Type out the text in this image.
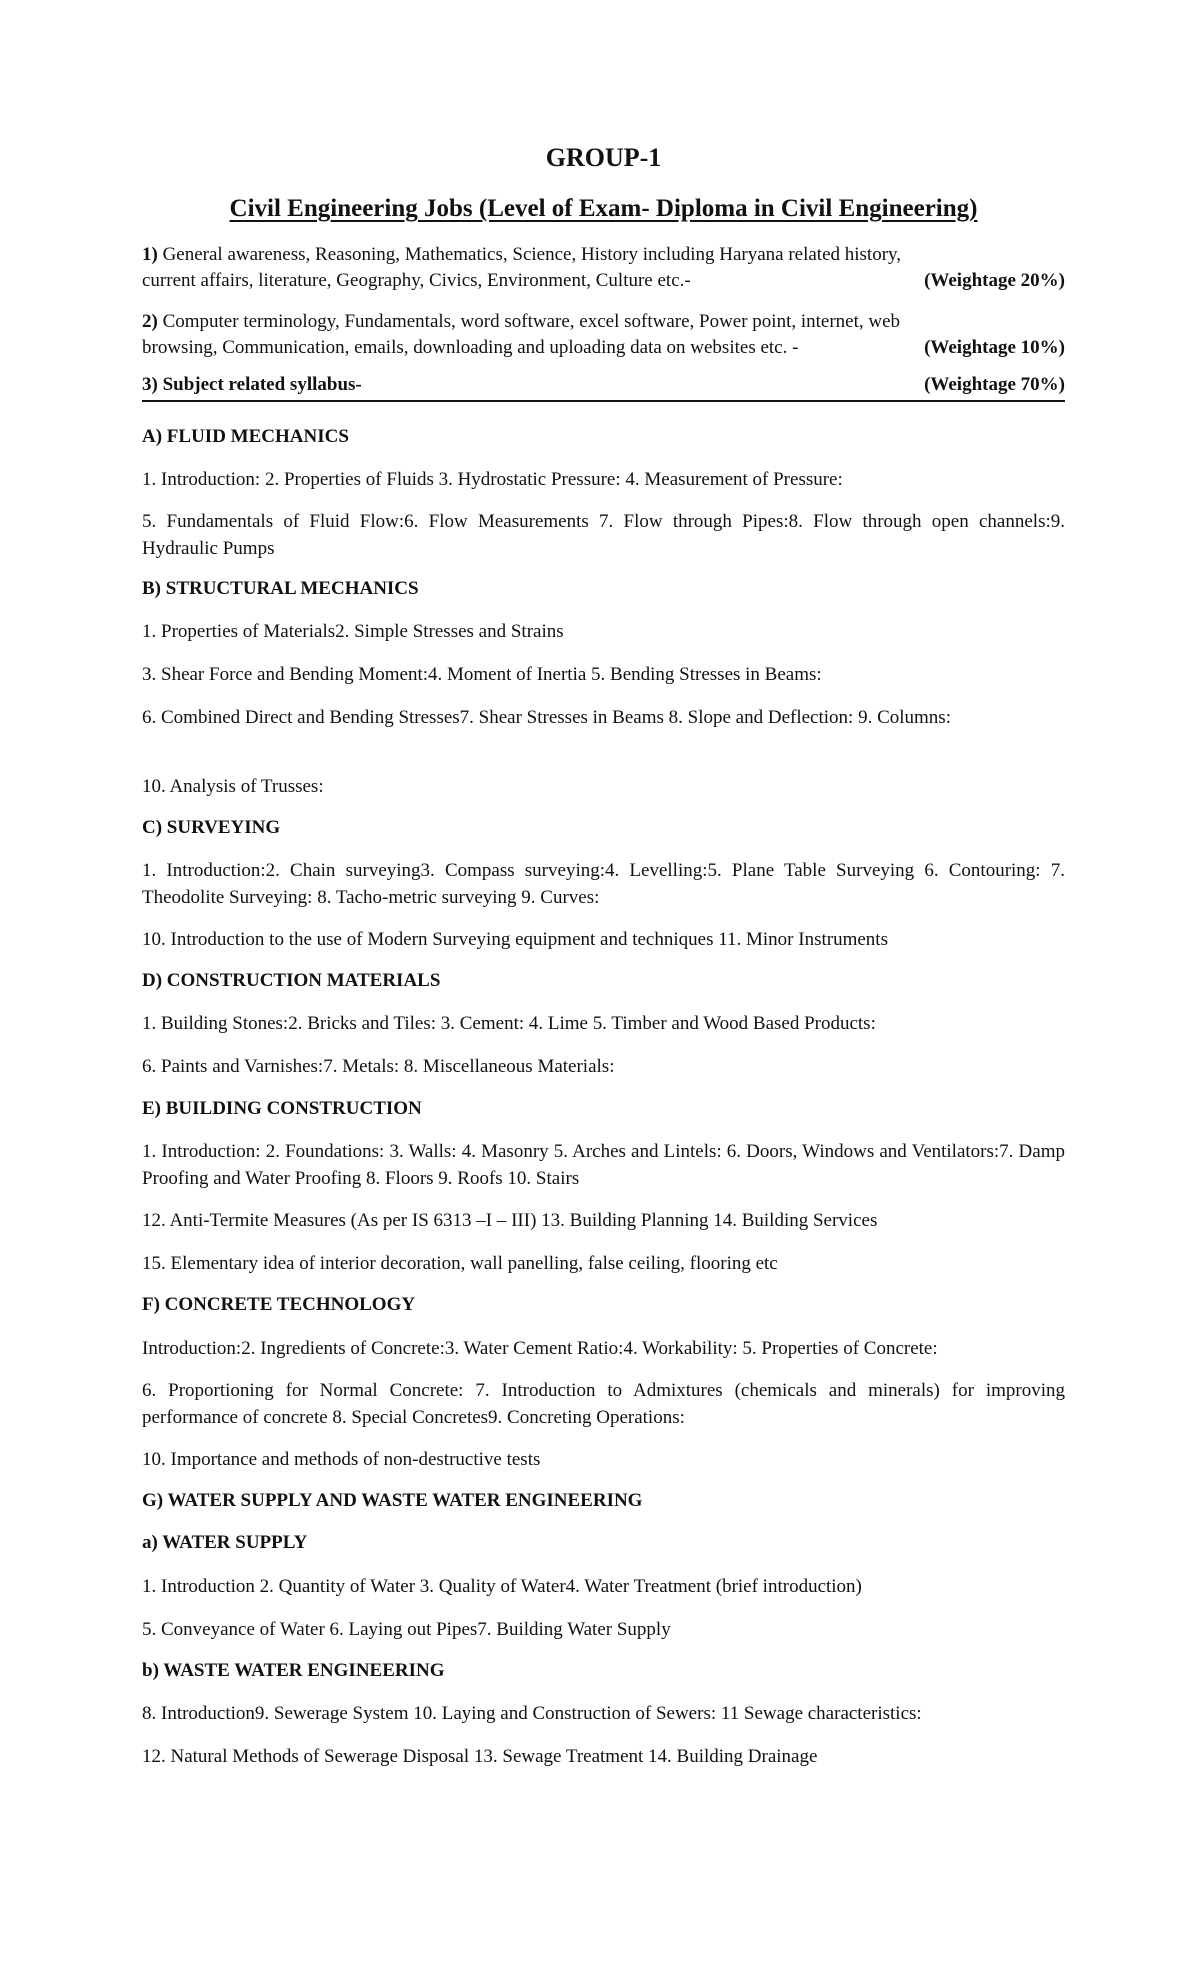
GROUP-1
Civil Engineering Jobs (Level of Exam- Diploma in Civil Engineering)
1) General awareness, Reasoning, Mathematics, Science, History including Haryana related history,
current affairs, literature, Geography, Civics, Environment, Culture etc.-	(Weightage 20%)
2) Computer terminology, Fundamentals, word software, excel software, Power point, internet, web
browsing, Communication, emails, downloading and uploading data on websites etc. -	(Weightage 10%)
3) Subject related syllabus-	(Weightage 70%)
A) FLUID MECHANICS
1. Introduction: 2. Properties of Fluids 3. Hydrostatic Pressure: 4. Measurement of Pressure:
5. Fundamentals of Fluid Flow:6. Flow Measurements 7. Flow through Pipes:8. Flow through open channels:9. Hydraulic Pumps
B) STRUCTURAL MECHANICS
1. Properties of Materials2. Simple Stresses and Strains
3. Shear Force and Bending Moment:4. Moment of Inertia 5. Bending Stresses in Beams:
6. Combined Direct and Bending Stresses7. Shear Stresses in Beams 8. Slope and Deflection: 9. Columns:
10. Analysis of Trusses:
C) SURVEYING
1. Introduction:2. Chain surveying3. Compass surveying:4. Levelling:5. Plane Table Surveying 6. Contouring: 7. Theodolite Surveying: 8. Tacho-metric surveying 9. Curves:
10. Introduction to the use of Modern Surveying equipment and techniques 11. Minor Instruments
D) CONSTRUCTION MATERIALS
1. Building Stones:2. Bricks and Tiles: 3. Cement: 4. Lime 5. Timber and Wood Based Products:
6. Paints and Varnishes:7. Metals: 8. Miscellaneous Materials:
E) BUILDING CONSTRUCTION
1. Introduction: 2. Foundations: 3. Walls: 4. Masonry 5. Arches and Lintels: 6. Doors, Windows and Ventilators:7. Damp Proofing and Water Proofing 8. Floors 9. Roofs 10. Stairs
12. Anti-Termite Measures (As per IS 6313 –I – III) 13. Building Planning 14. Building Services
15. Elementary idea of interior decoration, wall panelling, false ceiling, flooring etc
F) CONCRETE TECHNOLOGY
Introduction:2. Ingredients of Concrete:3. Water Cement Ratio:4. Workability: 5. Properties of Concrete:
6. Proportioning for Normal Concrete: 7. Introduction to Admixtures (chemicals and minerals) for improving performance of concrete 8. Special Concretes9. Concreting Operations:
10. Importance and methods of non-destructive tests
G) WATER SUPPLY AND WASTE WATER ENGINEERING
a) WATER SUPPLY
1. Introduction 2. Quantity of Water 3. Quality of Water4. Water Treatment (brief introduction)
5. Conveyance of Water 6. Laying out Pipes7. Building Water Supply
b) WASTE WATER ENGINEERING
8. Introduction9. Sewerage System 10. Laying and Construction of Sewers: 11 Sewage characteristics:
12. Natural Methods of Sewerage Disposal 13. Sewage Treatment 14. Building Drainage
